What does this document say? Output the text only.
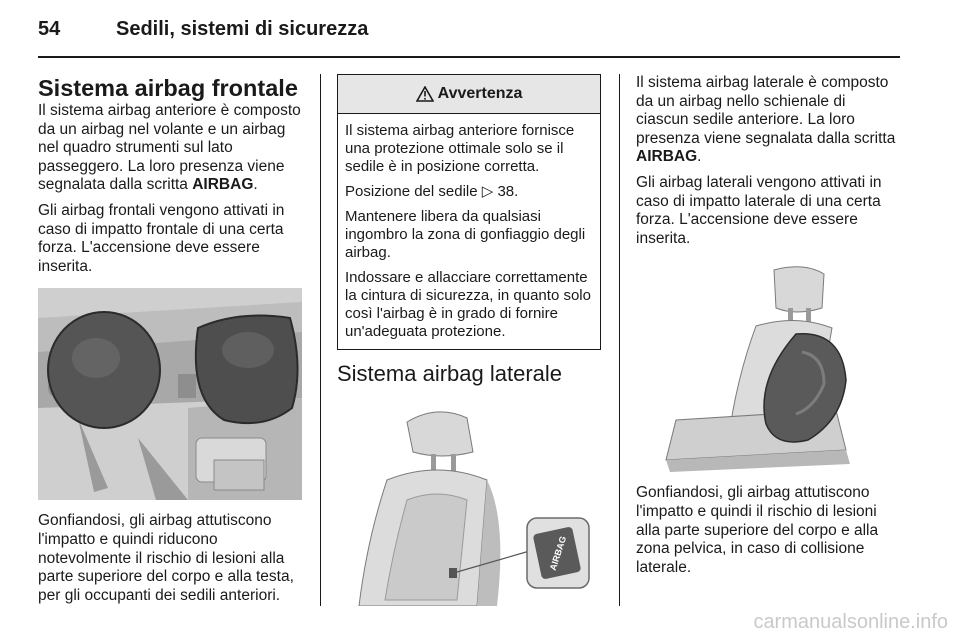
54	Sedili, sistemi di sicurezza
Sistema airbag frontale

Il sistema airbag anteriore è composto da un airbag nel volante e un airbag nel quadro strumenti sul lato passeggero. La loro presenza viene segnalata dalla scritta AIRBAG.

Gli airbag frontali vengono attivati in caso di impatto frontale di una certa forza. L'accensione deve essere inserita.

Gonfiandosi, gli airbag attutiscono l'impatto e quindi riducono notevolmente il rischio di lesioni alla parte superiore del corpo e alla testa, per gli occupanti dei sedili anteriori.

Avvertenza

Il sistema airbag anteriore fornisce una protezione ottimale solo se il sedile è in posizione corretta.

Posizione del sedile ▷ 38.

Mantenere libera da qualsiasi ingombro la zona di gonfiaggio degli airbag.

Indossare e allacciare correttamente la cintura di sicurezza, in quanto solo così l'airbag è in grado di fornire un'adeguata protezione.

Sistema airbag laterale
AIRBAG

Il sistema airbag laterale è composto da un airbag nello schienale di ciascun sedile anteriore. La loro presenza viene segnalata dalla scritta AIRBAG.

Gli airbag laterali vengono attivati in caso di impatto laterale di una certa forza. L'accensione deve essere inserita.

Gonfiandosi, gli airbag attutiscono l'impatto e quindi il rischio di lesioni alla parte superiore del corpo e alla zona pelvica, in caso di collisione laterale.

carmanualsonline.info
